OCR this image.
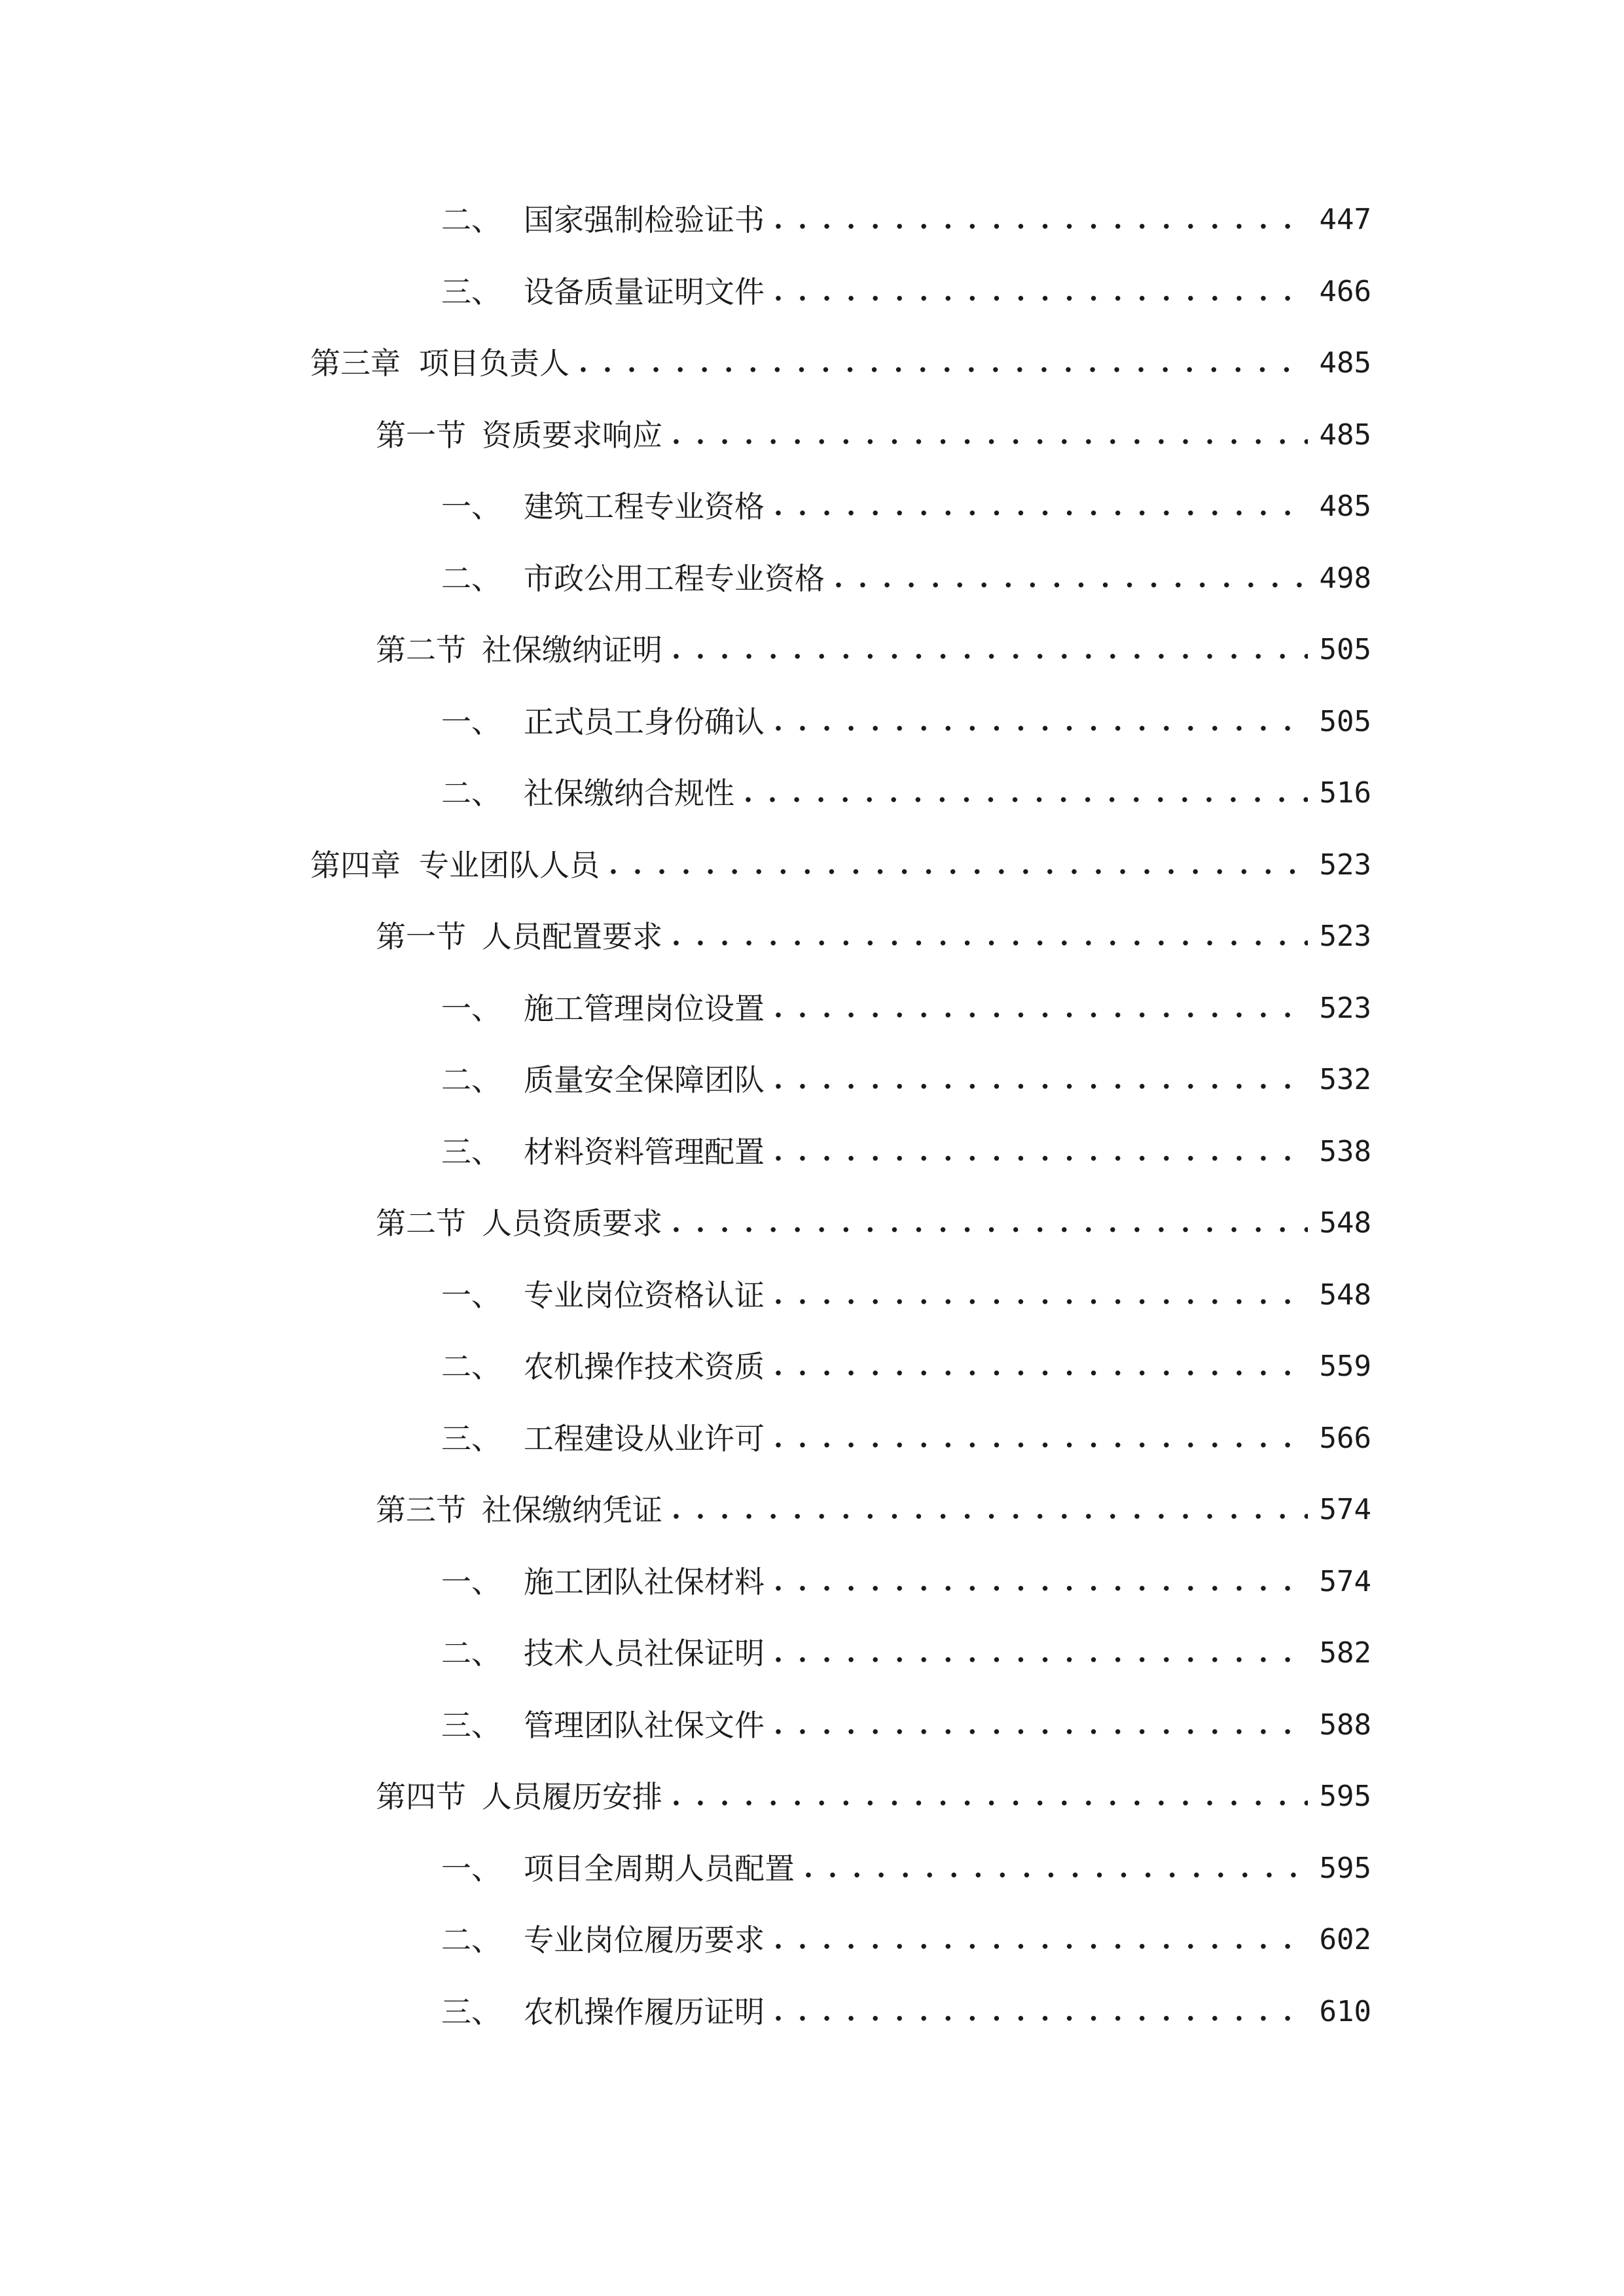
二、 国家强制检验证书 . . .	447
三、 设备质量证明文件 . . .	466
第三章 项目负责人 . . .	485
第一节 资质要求响应 . . .	485
一、 建筑工程专业资格 . . .	485
二、 市政公用工程专业资格 . . .	498
第二节 社保缴纳证明 . . .	505
一、 正式员工身份确认 . . .	505
二、 社保缴纳合规性 . . .	516
第四章 专业团队人员 . . .	523
第一节 人员配置要求 . . .	523
一、 施工管理岗位设置 . . .	523
二、 质量安全保障团队 . . .	532
三、 材料资料管理配置 . . .	538
第二节 人员资质要求 . . .	548
一、 专业岗位资格认证 . . .	548
二、 农机操作技术资质 . . .	559
三、 工程建设从业许可 . . .	566
第三节 社保缴纳凭证 . . .	574
一、 施工团队社保材料 . . .	574
二、 技术人员社保证明 . . .	582
三、 管理团队社保文件 . . .	588
第四节 人员履历安排 . . .	595
一、 项目全周期人员配置 . . .	595
二、 专业岗位履历要求 . . .	602
三、 农机操作履历证明 . . .	610
